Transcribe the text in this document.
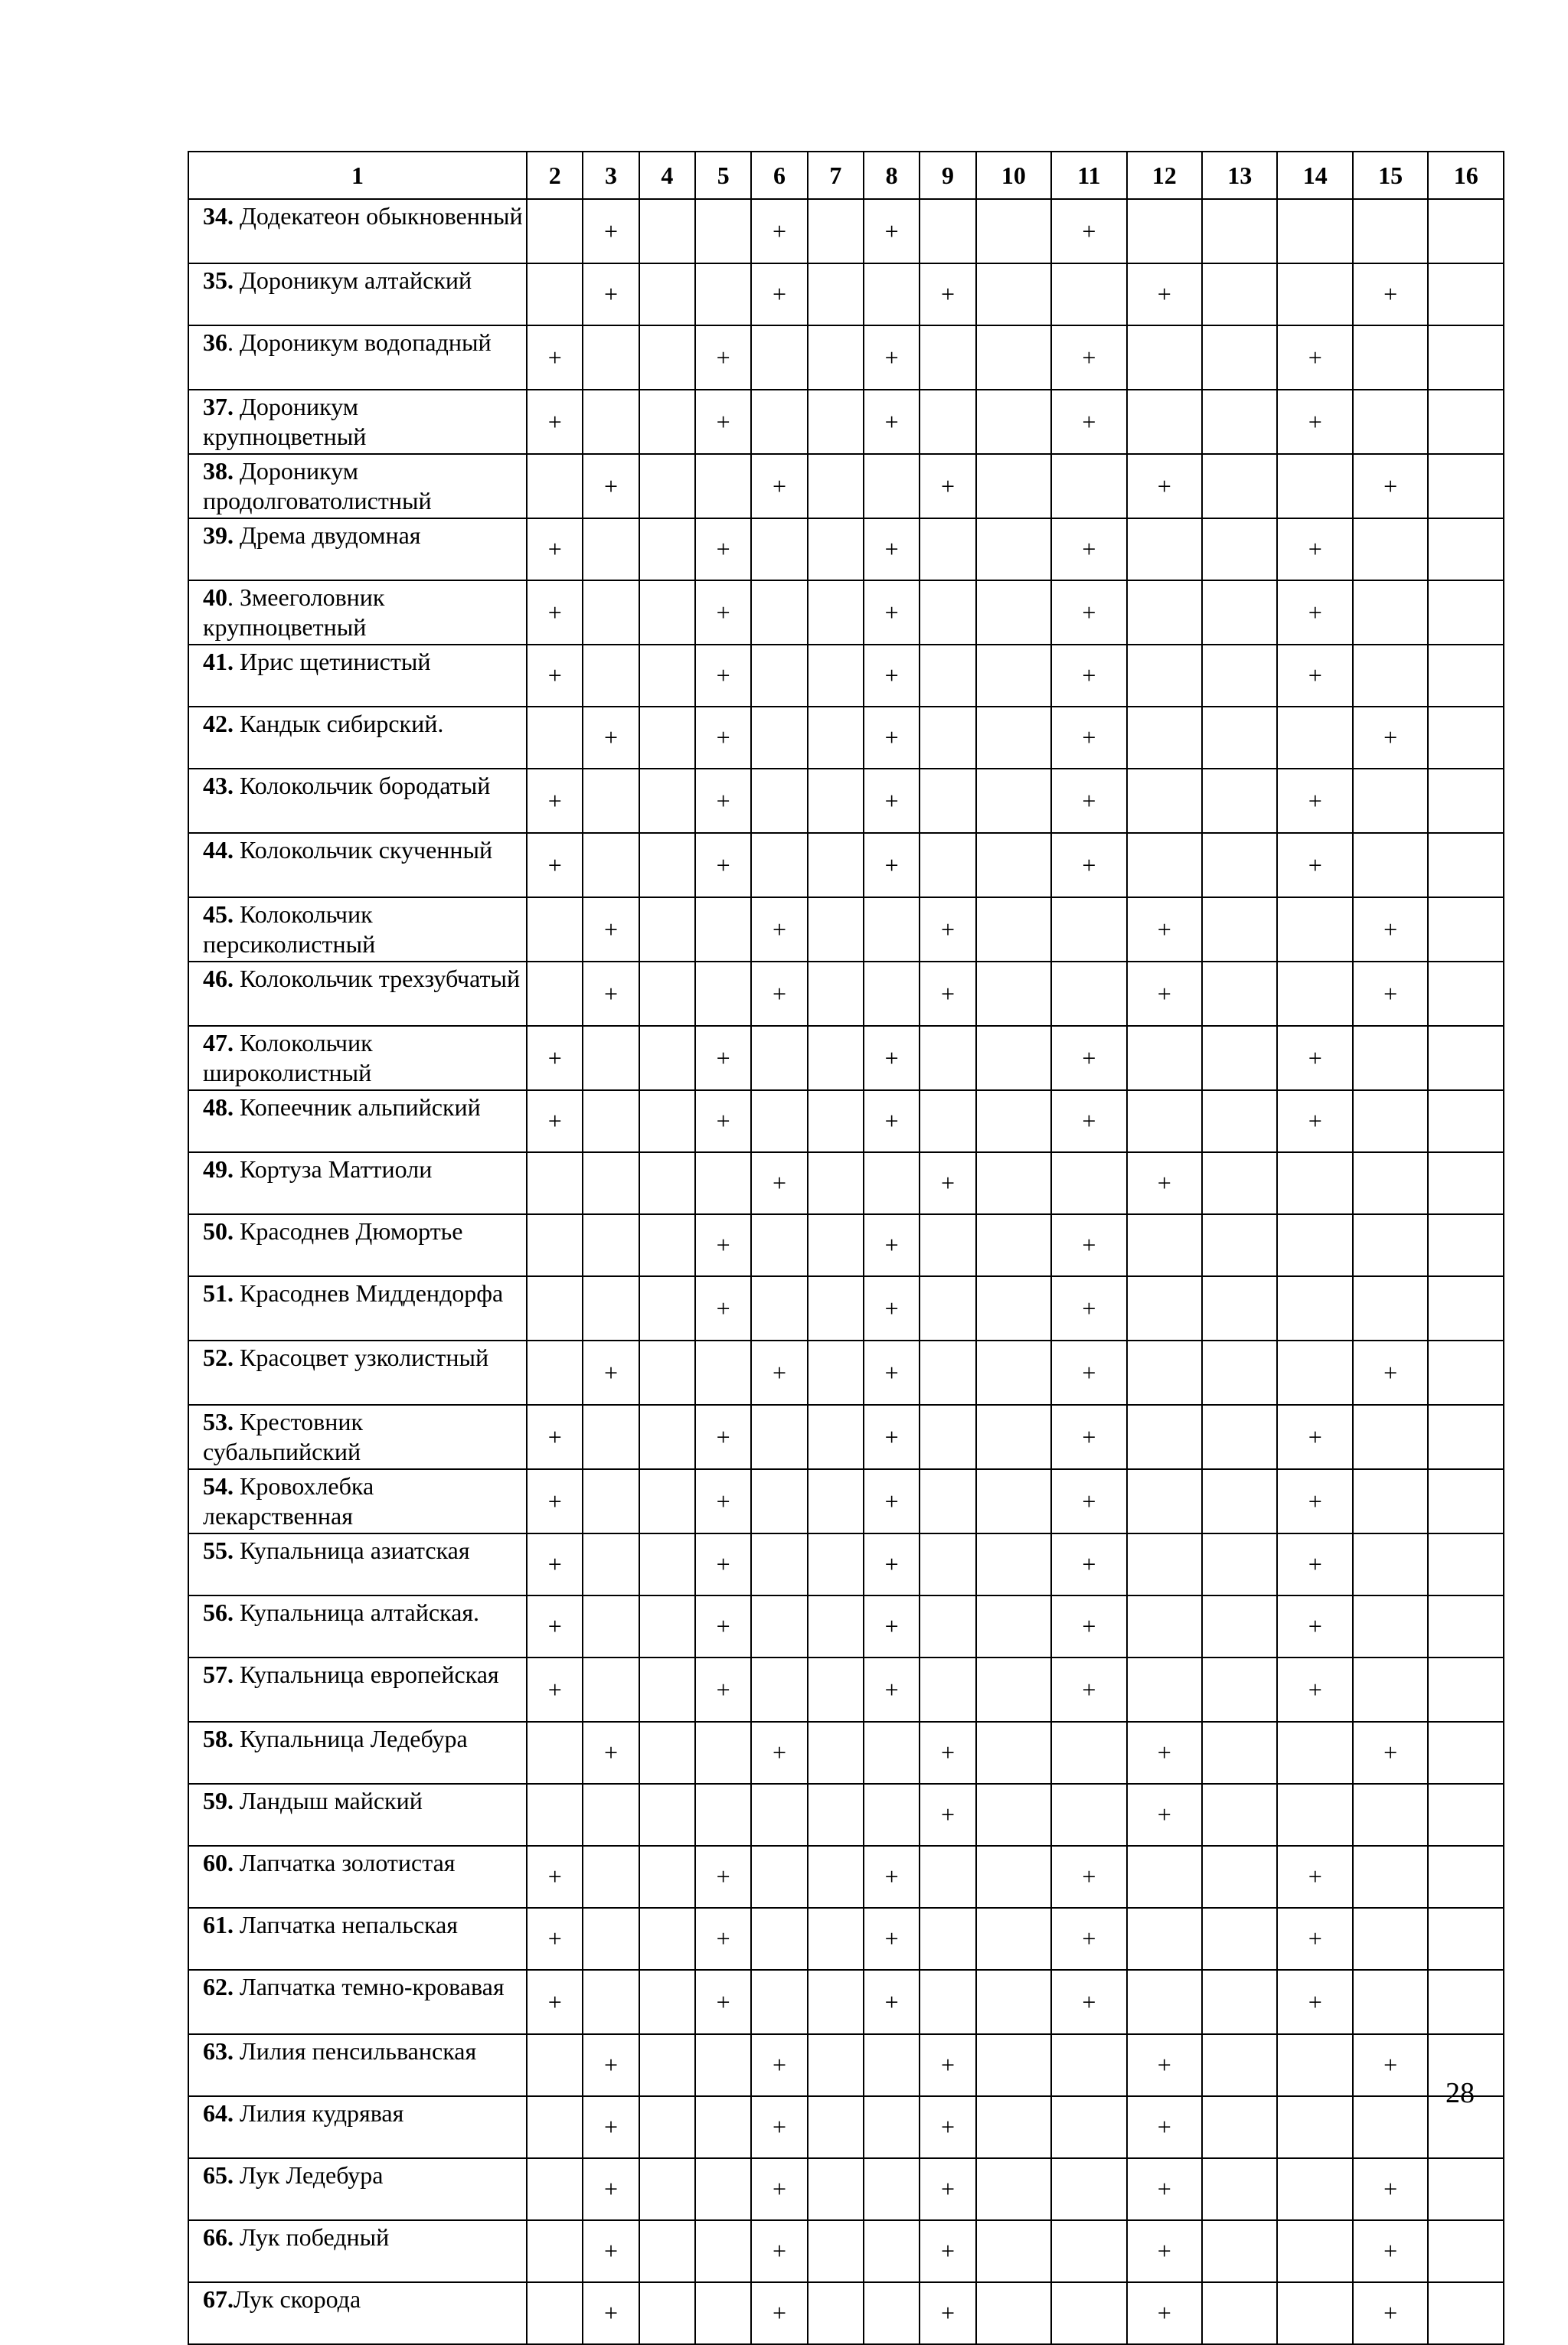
1	2	3	4	5	6	7	8	9	10	11	12	13	14	15	16
34. Додекатеон обыкновенный		+			+		+			+					
35. Дороникум алтайский		+			+			+			+			+	
36. Дороникум водопадный	+			+			+			+			+		
37. Дороникум крупноцветный	+			+			+			+			+		
38. Дороникум продолговатолистный		+			+			+			+			+	
39. Дрема двудомная	+			+			+			+			+		
40. Змееголовник крупноцветный	+			+			+			+			+		
41. Ирис щетинистый	+			+			+			+			+		
42. Кандык сибирский.		+		+			+			+				+	
43. Колокольчик бородатый	+			+			+			+			+		
44. Колокольчик скученный	+			+			+			+			+		
45. Колокольчик персиколистный		+			+			+			+			+	
46. Колокольчик трехзубчатый		+			+			+			+			+	
47. Колокольчик широколистный	+			+			+			+			+		
48. Копеечник альпийский	+			+			+			+			+		
49. Кортуза Маттиоли					+			+			+				
50. Красоднев Дюмортье				+			+			+					
51. Красоднев Миддендорфа				+			+			+					
52. Красоцвет узколистный		+			+		+			+				+	
53. Крестовник субальпийский	+			+			+			+			+		
54. Кровохлебка лекарственная	+			+			+			+			+		
55. Купальница азиатская	+			+			+			+			+		
56. Купальница алтайская.	+			+			+			+			+		
57. Купальница европейская	+			+			+			+			+		
58. Купальница Ледебура		+			+			+			+			+	
59. Ландыш майский								+			+				
60. Лапчатка золотистая	+			+			+			+			+		
61. Лапчатка непальская	+			+			+			+			+		
62. Лапчатка темно-кровавая	+			+			+			+			+		
63. Лилия пенсильванская		+			+			+			+			+	
64. Лилия кудрявая		+			+			+			+				
65. Лук Ледебура		+			+			+			+			+	
66. Лук победный		+			+			+			+			+	
67.Лук скорода		+			+			+			+			+	
28
